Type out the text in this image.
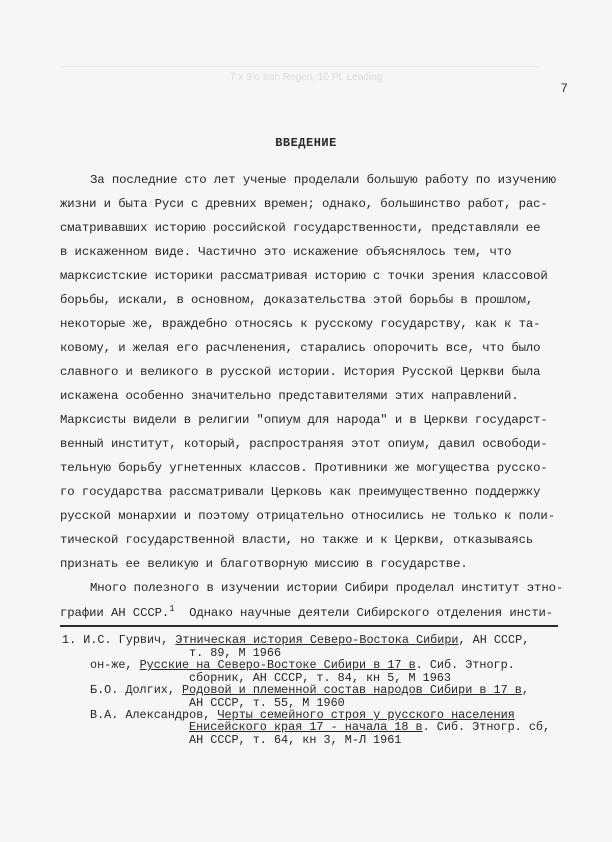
7 x 9¾ Iron Regen, 10 Pt. Leading
7
ВВЕДЕНИЕ
За последние сто лет ученые проделали большую работу по изучению
жизни и быта Руси с древних времен; однако, большинство работ, рас-
сматривавших историю российской государственности, представляли ее
в искаженном виде. Частично это искажение объяснялось тем, что
марксистские историки рассматривая историю с точки зрения классовой
борьбы, искали, в основном, доказательства этой борьбы в прошлом,
некоторые же, враждебно относясь к русскому государству, как к та-
ковому, и желая его расчленения, старались опорочить все, что было
славного и великого в русской истории. История Русской Церкви была
искажена особенно значительно представителями этих направлений.
Марксисты видели в религии "опиум для народа" и в Церкви государст-
венный институт, который, распространяя этот опиум, давил освободи-
тельную борьбу угнетенных классов. Противники же могущества русско-
го государства рассматривали Церковь как преимущественно поддержку
русской монархии и поэтому отрицательно относились не только к поли-
тической государственной власти, но также и к Церкви, отказываясь
признать ее великую и благотворную миссию в государстве.
Много полезного в изучении истории Сибири проделал институт этно-
графии АН СССР.$^1$ Однако научные деятели Сибирского отделения инсти-
1. И.С. Гурвич, Этническая история Северо-Востока Сибири, АН СССР,
т. 89, М 1966
он-же, Русские на Северо-Востоке Сибири в 17 в. Сиб. Этногр.
сборник, АН СССР, т. 84, кн 5, М 1963
Б.О. Долгих, Родовой и племенной состав народов Сибири в 17 в,
АН СССР, т. 55, М 1960
В.А. Александров, Черты семейного строя у русского населения
Енисейского края 17 - начала 18 в. Сиб. Этногр. сб,
АН СССР, т. 64, кн 3, М-Л 1961
